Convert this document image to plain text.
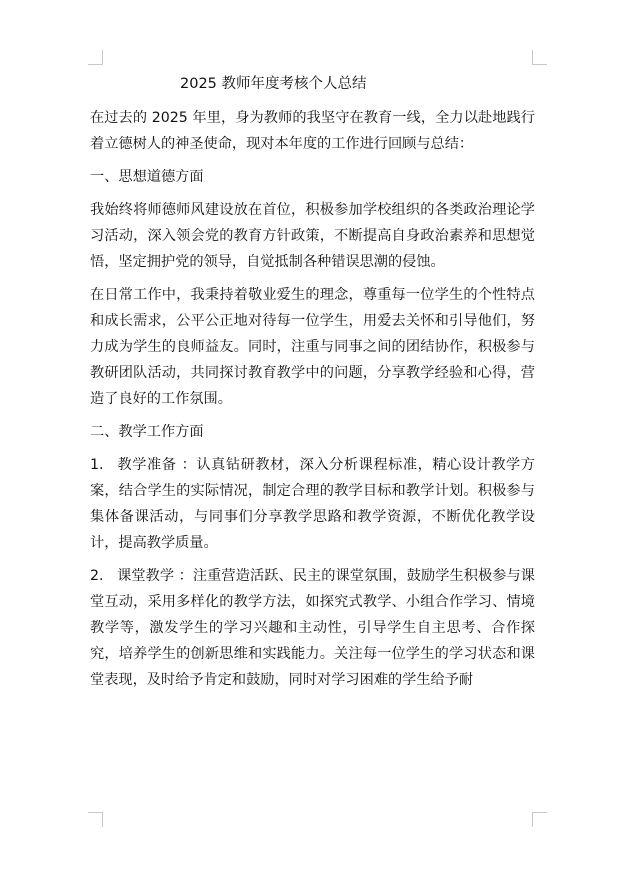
2025 教师年度考核个人总结

在过去的 2025 年里，身为教师的我坚守在教育一线，全力以赴地践行着立德树人的神圣使命，现对本年度的工作进行回顾与总结：

一、思想道德方面

我始终将师德师风建设放在首位，积极参加学校组织的各类政治理论学习活动，深入领会党的教育方针政策，不断提高自身政治素养和思想觉悟，坚定拥护党的领导，自觉抵制各种错误思潮的侵蚀。

在日常工作中，我秉持着敬业爱生的理念，尊重每一位学生的个性特点和成长需求，公平公正地对待每一位学生，用爱去关怀和引导他们，努力成为学生的良师益友。同时，注重与同事之间的团结协作，积极参与教研团队活动，共同探讨教育教学中的问题，分享教学经验和心得，营造了良好的工作氛围。

二、教学工作方面

1. 教学准备 ：认真钻研教材，深入分析课程标准，精心设计教学方案，结合学生的实际情况，制定合理的教学目标和教学计划。积极参与集体备课活动，与同事们分享教学思路和教学资源，不断优化教学设计，提高教学质量。

2. 课堂教学 ：注重营造活跃、民主的课堂氛围，鼓励学生积极参与课堂互动，采用多样化的教学方法，如探究式教学、小组合作学习、情境教学等，激发学生的学习兴趣和主动性，引导学生自主思考、合作探究，培养学生的创新思维和实践能力。关注每一位学生的学习状态和课堂表现，及时给予肯定和鼓励，同时对学习困难的学生给予耐
